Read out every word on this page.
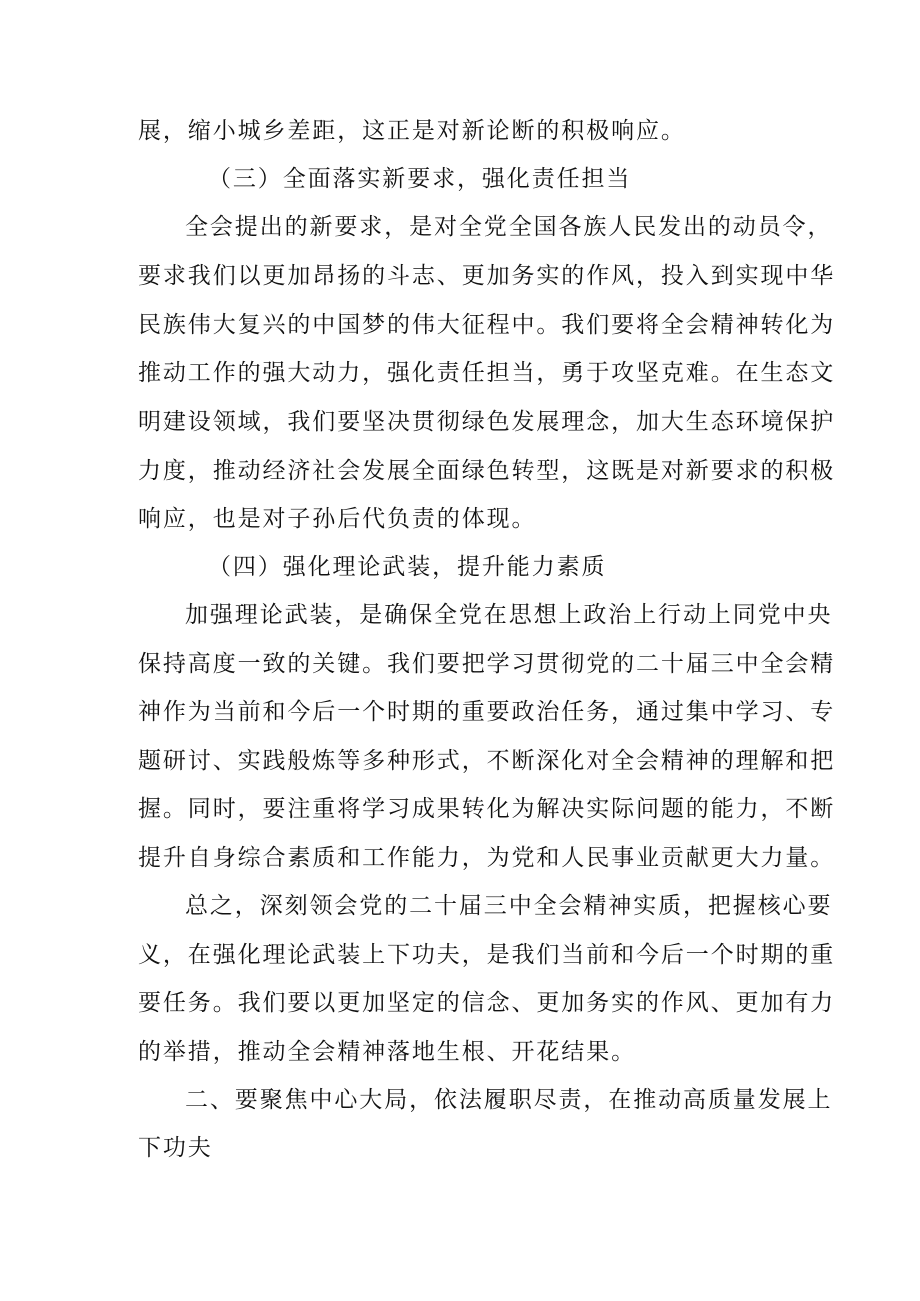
展，缩小城乡差距，这正是对新论断的积极响应。
（三）全面落实新要求，强化责任担当
全会提出的新要求，是对全党全国各族人民发出的动员令，
要求我们以更加昂扬的斗志、更加务实的作风，投入到实现中华
民族伟大复兴的中国梦的伟大征程中。我们要将全会精神转化为
推动工作的强大动力，强化责任担当，勇于攻坚克难。在生态文
明建设领域，我们要坚决贯彻绿色发展理念，加大生态环境保护
力度，推动经济社会发展全面绿色转型，这既是对新要求的积极
响应，也是对子孙后代负责的体现。
（四）强化理论武装，提升能力素质
加强理论武装，是确保全党在思想上政治上行动上同党中央
保持高度一致的关键。我们要把学习贯彻党的二十届三中全会精
神作为当前和今后一个时期的重要政治任务，通过集中学习、专
题研讨、实践般炼等多种形式，不断深化对全会精神的理解和把
握。同时，要注重将学习成果转化为解决实际问题的能力，不断
提升自身综合素质和工作能力，为党和人民事业贡献更大力量。
总之，深刻领会党的二十届三中全会精神实质，把握核心要
义，在强化理论武装上下功夫，是我们当前和今后一个时期的重
要任务。我们要以更加坚定的信念、更加务实的作风、更加有力
的举措，推动全会精神落地生根、开花结果。
二、要聚焦中心大局，依法履职尽责，在推动高质量发展上
下功夫
